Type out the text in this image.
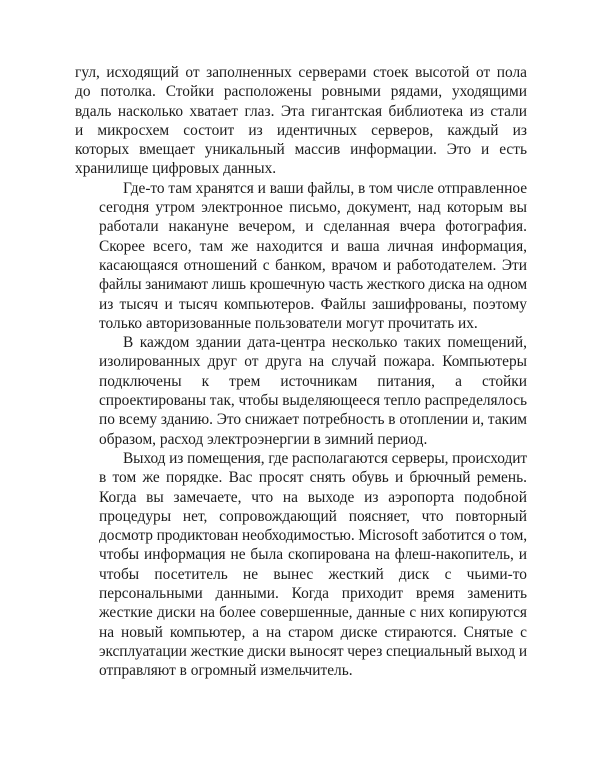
гул, исходящий от заполненных серверами стоек высотой от пола
до потолка. Стойки расположены ровными рядами, уходящими
вдаль насколько хватает глаз. Эта гигантская библиотека из стали
и микросхем состоит из идентичных серверов, каждый из
которых вмещает уникальный массив информации. Это и есть
хранилище цифровых данных.

Где-то там хранятся и ваши файлы, в том числе отправленное
сегодня утром электронное письмо, документ, над которым вы
работали накануне вечером, и сделанная вчера фотография.
Скорее всего, там же находится и ваша личная информация,
касающаяся отношений с банком, врачом и работодателем. Эти
файлы занимают лишь крошечную часть жесткого диска на одном
из тысяч и тысяч компьютеров. Файлы зашифрованы, поэтому
только авторизованные пользователи могут прочитать их.

В каждом здании дата-центра несколько таких помещений,
изолированных друг от друга на случай пожара. Компьютеры
подключены к трем источникам питания, а стойки
спроектированы так, чтобы выделяющееся тепло распределялось
по всему зданию. Это снижает потребность в отоплении и, таким
образом, расход электроэнергии в зимний период.

Выход из помещения, где располагаются серверы, происходит
в том же порядке. Вас просят снять обувь и брючный ремень.
Когда вы замечаете, что на выходе из аэропорта подобной
процедуры нет, сопровождающий поясняет, что повторный
досмотр продиктован необходимостью. Microsoft заботится о том,
чтобы информация не была скопирована на флеш-накопитель, и
чтобы посетитель не вынес жесткий диск с чьими-то
персональными данными. Когда приходит время заменить
жесткие диски на более совершенные, данные с них копируются
на новый компьютер, а на старом диске стираются. Снятые с
эксплуатации жесткие диски выносят через специальный выход и
отправляют в огромный измельчитель.
